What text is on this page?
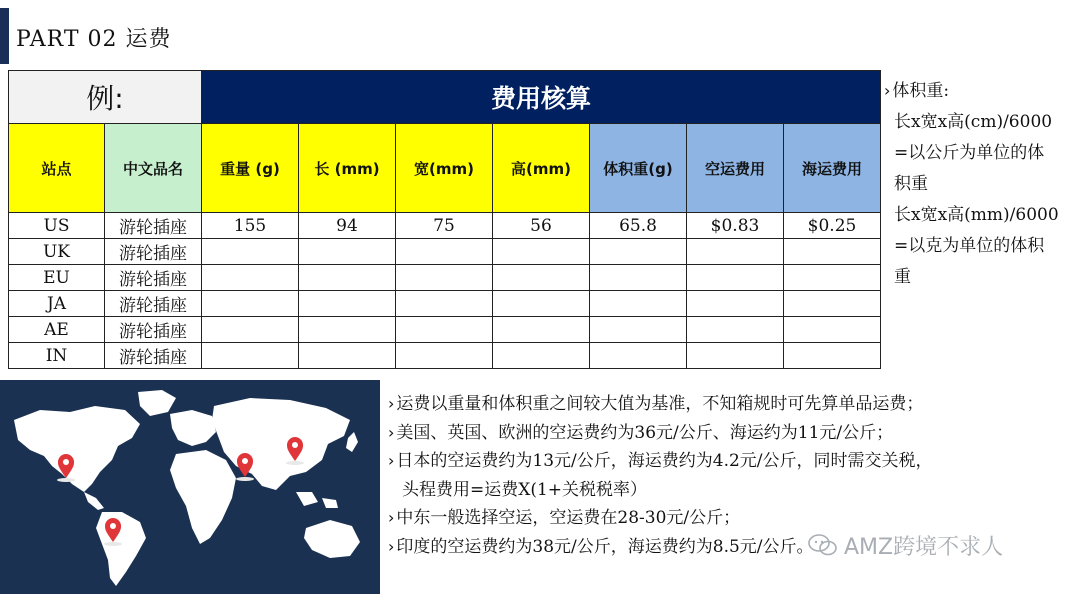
PART 02 运费
例:		费用核算						
站点	中文品名	重量 (g)	长 (mm)	宽(mm)	高(mm)	体积重(g)	空运费用	海运费用
US	游轮插座	155	94	75	56	65.8	$0.83	$0.25
UK	游轮插座							
EU	游轮插座							
JA	游轮插座							
AE	游轮插座							
IN	游轮插座							
› 体积重:
长x宽x高(cm)/6000
=以公斤为单位的体
积重
长x宽x高(mm)/6000
=以克为单位的体积
重
› 运费以重量和体积重之间较大值为基准，不知箱规时可先算单品运费；
› 美国、英国、欧洲的空运费约为36元/公斤、海运约为11元/公斤；
› 日本的空运费约为13元/公斤，海运费约为4.2元/公斤，同时需交关税，
头程费用=运费X(1+关税税率）
› 中东一般选择空运，空运费在28-30元/公斤；
› 印度的空运费约为38元/公斤，海运费约为8.5元/公斤。	AMZ跨境不求人
